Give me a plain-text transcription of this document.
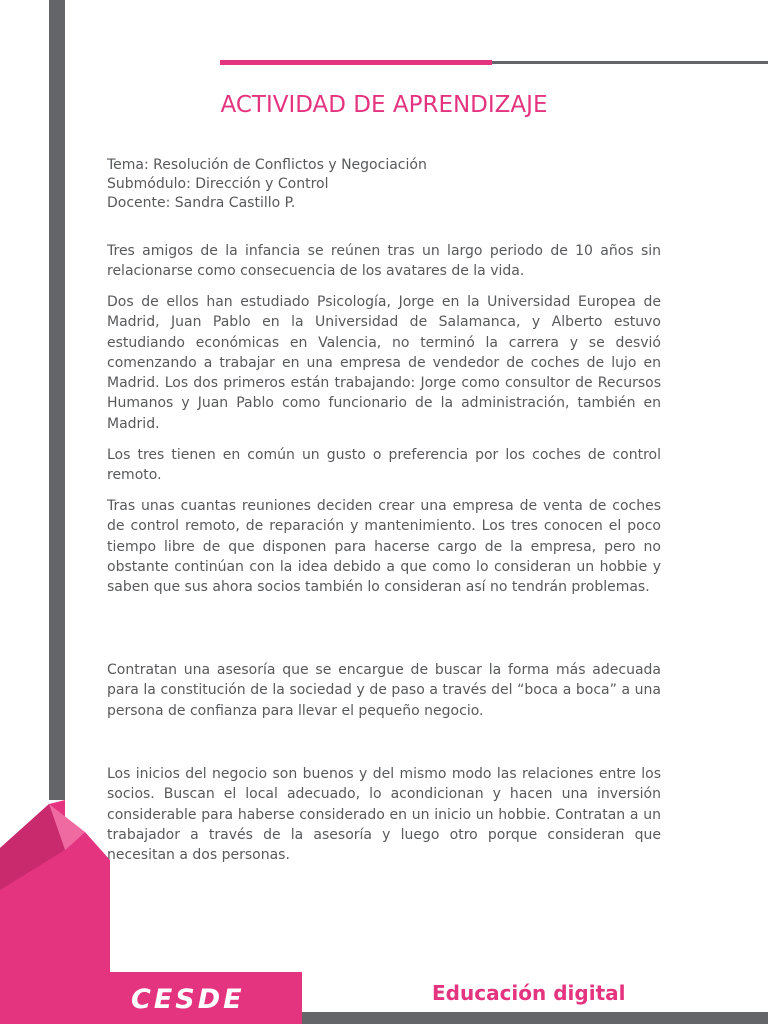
CESDE	Educación digital
ACTIVIDAD DE APRENDIZAJE
Tema: Resolución de Conflictos y Negociación
Submódulo: Dirección y Control
Docente: Sandra Castillo P.

Tres amigos de la infancia se reúnen tras un largo periodo de 10 años sin relacionarse como consecuencia de los avatares de la vida.

Dos de ellos han estudiado Psicología, Jorge en la Universidad Europea de Madrid, Juan Pablo en la Universidad de Salamanca, y Alberto estuvo estudiando económicas en Valencia, no terminó la carrera y se desvió comenzando a trabajar en una empresa de vendedor de coches de lujo en Madrid. Los dos primeros están trabajando: Jorge como consultor de Recursos Humanos y Juan Pablo como funcionario de la administración, también en Madrid.

Los tres tienen en común un gusto o preferencia por los coches de control remoto.

Tras unas cuantas reuniones deciden crear una empresa de venta de coches de control remoto, de reparación y mantenimiento. Los tres conocen el poco tiempo libre de que disponen para hacerse cargo de la empresa, pero no obstante continúan con la idea debido a que como lo consideran un hobbie y saben que sus ahora socios también lo consideran así no tendrán problemas.

Contratan una asesoría que se encargue de buscar la forma más adecuada para la constitución de la sociedad y de paso a través del “boca a boca” a una persona de confianza para llevar el pequeño negocio.

Los inicios del negocio son buenos y del mismo modo las relaciones entre los socios. Buscan el local adecuado, lo acondicionan y hacen una inversión considerable para haberse considerado en un inicio un hobbie. Contratan a un trabajador a través de la asesoría y luego otro porque consideran que necesitan a dos personas.
